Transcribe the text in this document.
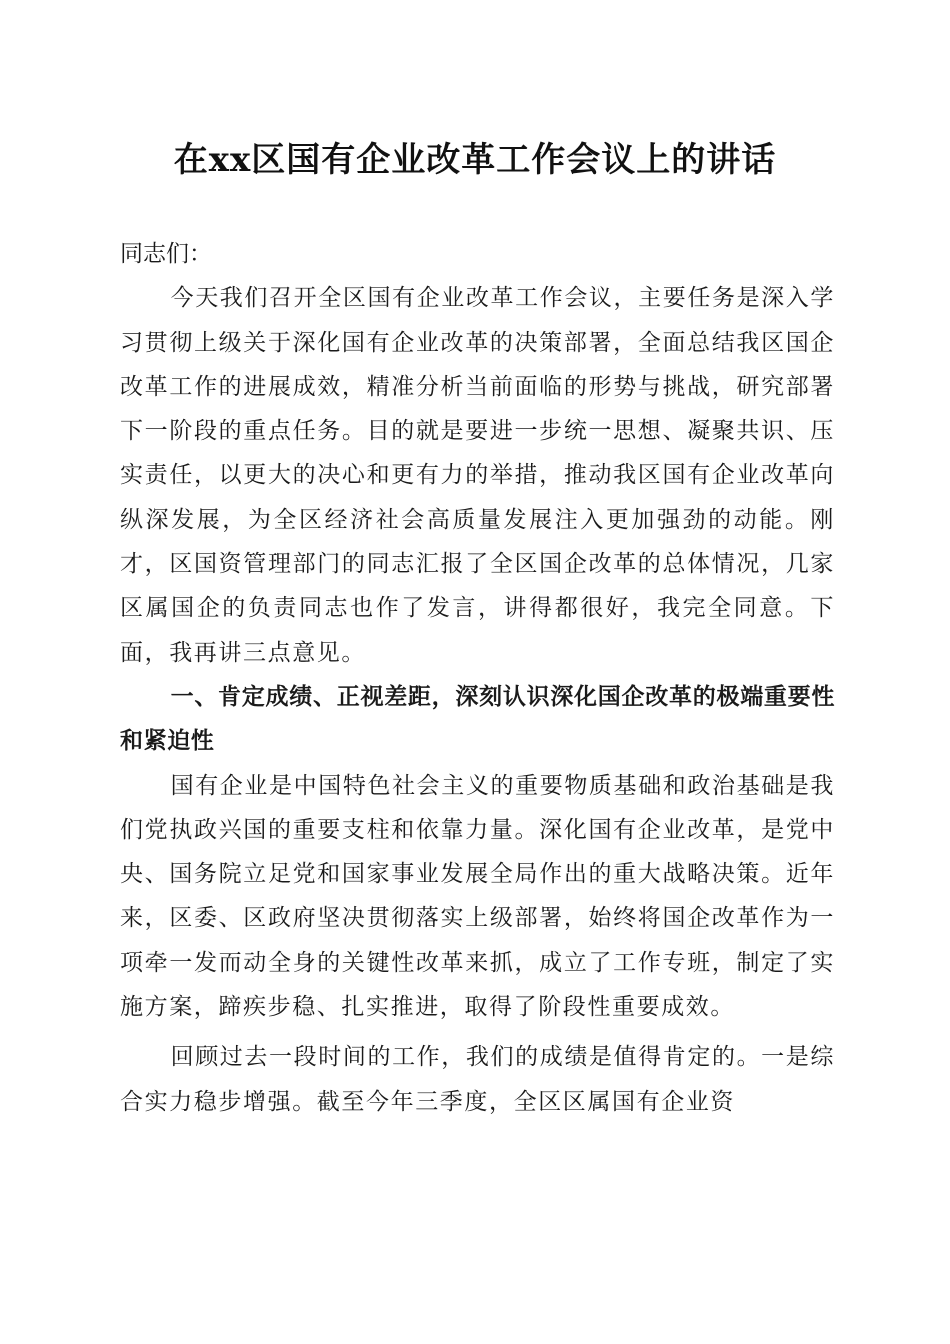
在xx区国有企业改革工作会议上的讲话

同志们：

今天我们召开全区国有企业改革工作会议，主要任务是深入学习贯彻上级关于深化国有企业改革的决策部署，全面总结我区国企改革工作的进展成效，精准分析当前面临的形势与挑战，研究部署下一阶段的重点任务。目的就是要进一步统一思想、凝聚共识、压实责任，以更大的决心和更有力的举措，推动我区国有企业改革向纵深发展，为全区经济社会高质量发展注入更加强劲的动能。刚才，区国资管理部门的同志汇报了全区国企改革的总体情况，几家区属国企的负责同志也作了发言，讲得都很好，我完全同意。下面，我再讲三点意见。

一、肯定成绩、正视差距，深刻认识深化国企改革的极端重要性和紧迫性

国有企业是中国特色社会主义的重要物质基础和政治基础是我们党执政兴国的重要支柱和依靠力量。深化国有企业改革，是党中央、国务院立足党和国家事业发展全局作出的重大战略决策。近年来，区委、区政府坚决贯彻落实上级部署，始终将国企改革作为一项牵一发而动全身的关键性改革来抓，成立了工作专班，制定了实施方案，蹄疾步稳、扎实推进，取得了阶段性重要成效。

回顾过去一段时间的工作，我们的成绩是值得肯定的。一是综合实力稳步增强。截至今年三季度，全区区属国有企业资
